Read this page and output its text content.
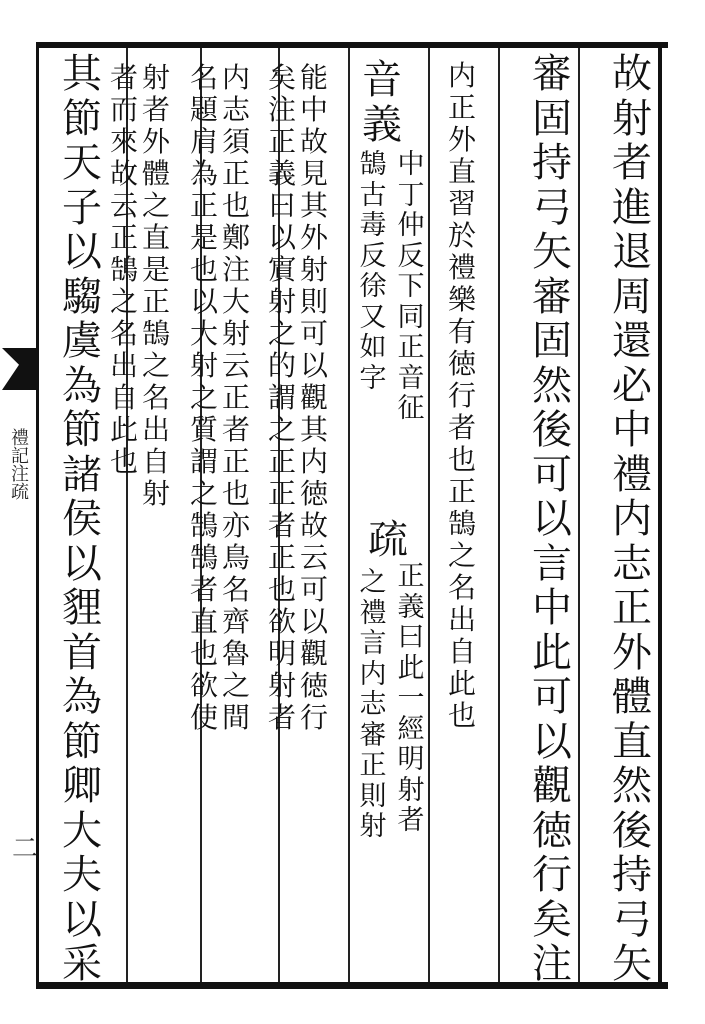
禮記注疏
二
故
射
者
進
退
周
還
必
中
禮
内
志
正
外
體
直
然
後
持
弓
矢
審
固
持
弓
矢
審
固
然
後
可
以
言
中
此
可
以
觀
徳
行
矣
注
内
正
外
直
習
於
禮
樂
有
徳
行
者
也
正
鵠
之
名
出
自
此
也
音
義
中
丁
仲
反
下
同
正
音
征
鵠
古
毒
反
徐
又
如
字
疏
正
義
曰
此
一
經
明
射
者
之
禮
言
内
志
審
正
則
射
能
中
故
見
其
外
射
則
可
以
觀
其
内
徳
故
云
可
以
觀
徳
行
矣
注
正
義
曰
以
賔
射
之
的
謂
之
正
正
者
正
也
欲
明
射
者
内
志
須
正
也
鄭
注
大
射
云
正
者
正
也
亦
鳥
名
齊
魯
之
間
名
題
肩
為
正
是
也
以
大
射
之
質
謂
之
鵠
鵠
者
直
也
欲
使
射
者
外
體
之
直
是
正
鵠
之
名
出
自
射
者
而
來
故
云
正
鵠
之
名
出
自
此
也
其
節
天
子
以
騶
虞
為
節
諸
侯
以
貍
首
為
節
卿
大
夫
以
采
